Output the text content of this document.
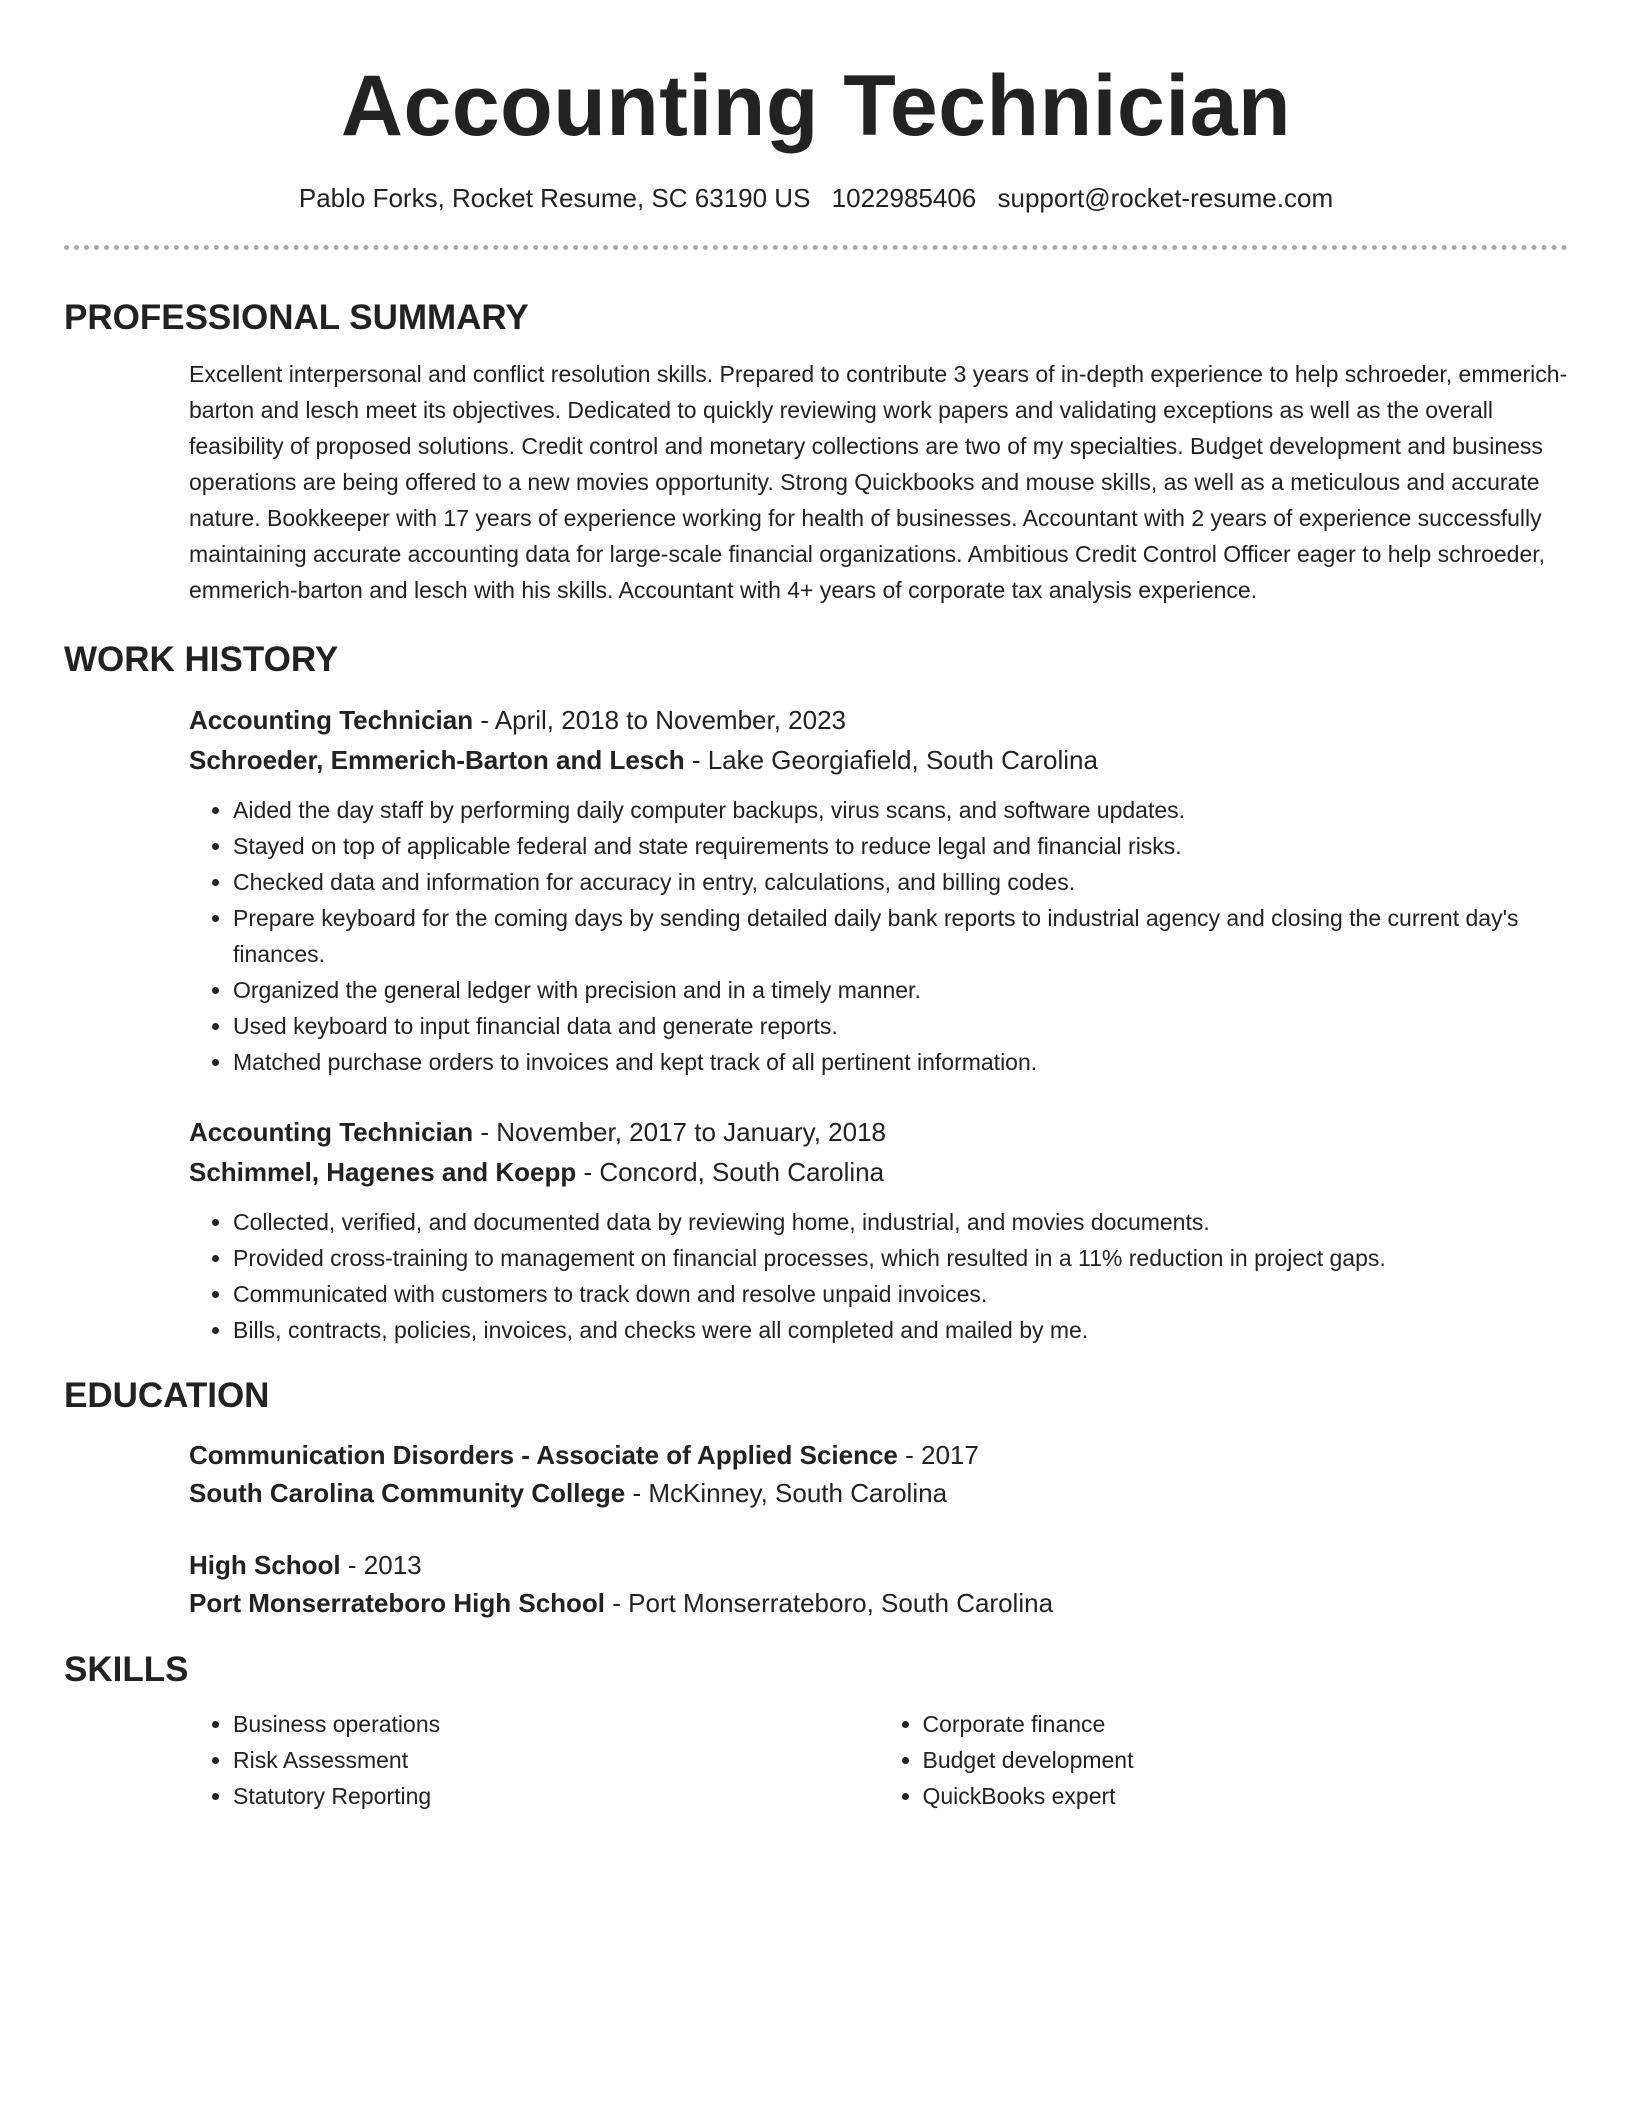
Accounting Technician
Pablo Forks, Rocket Resume, SC 63190 US 1022985406 support@rocket-resume.com
PROFESSIONAL SUMMARY
Excellent interpersonal and conflict resolution skills. Prepared to contribute 3 years of in-depth experience to help schroeder, emmerich-barton and lesch meet its objectives. Dedicated to quickly reviewing work papers and validating exceptions as well as the overall feasibility of proposed solutions. Credit control and monetary collections are two of my specialties. Budget development and business operations are being offered to a new movies opportunity. Strong Quickbooks and mouse skills, as well as a meticulous and accurate nature. Bookkeeper with 17 years of experience working for health of businesses. Accountant with 2 years of experience successfully maintaining accurate accounting data for large-scale financial organizations. Ambitious Credit Control Officer eager to help schroeder, emmerich-barton and lesch with his skills. Accountant with 4+ years of corporate tax analysis experience.
WORK HISTORY
Accounting Technician - April, 2018 to November, 2023
Schroeder, Emmerich-Barton and Lesch - Lake Georgiafield, South Carolina
• Aided the day staff by performing daily computer backups, virus scans, and software updates.
• Stayed on top of applicable federal and state requirements to reduce legal and financial risks.
• Checked data and information for accuracy in entry, calculations, and billing codes.
• Prepare keyboard for the coming days by sending detailed daily bank reports to industrial agency and closing the current day's finances.
• Organized the general ledger with precision and in a timely manner.
• Used keyboard to input financial data and generate reports.
• Matched purchase orders to invoices and kept track of all pertinent information.
Accounting Technician - November, 2017 to January, 2018
Schimmel, Hagenes and Koepp - Concord, South Carolina
• Collected, verified, and documented data by reviewing home, industrial, and movies documents.
• Provided cross-training to management on financial processes, which resulted in a 11% reduction in project gaps.
• Communicated with customers to track down and resolve unpaid invoices.
• Bills, contracts, policies, invoices, and checks were all completed and mailed by me.
EDUCATION
Communication Disorders - Associate of Applied Science - 2017
South Carolina Community College - McKinney, South Carolina
High School - 2013
Port Monserrateboro High School - Port Monserrateboro, South Carolina
SKILLS
• Business operations
• Risk Assessment
• Statutory Reporting
• Corporate finance
• Budget development
• QuickBooks expert
